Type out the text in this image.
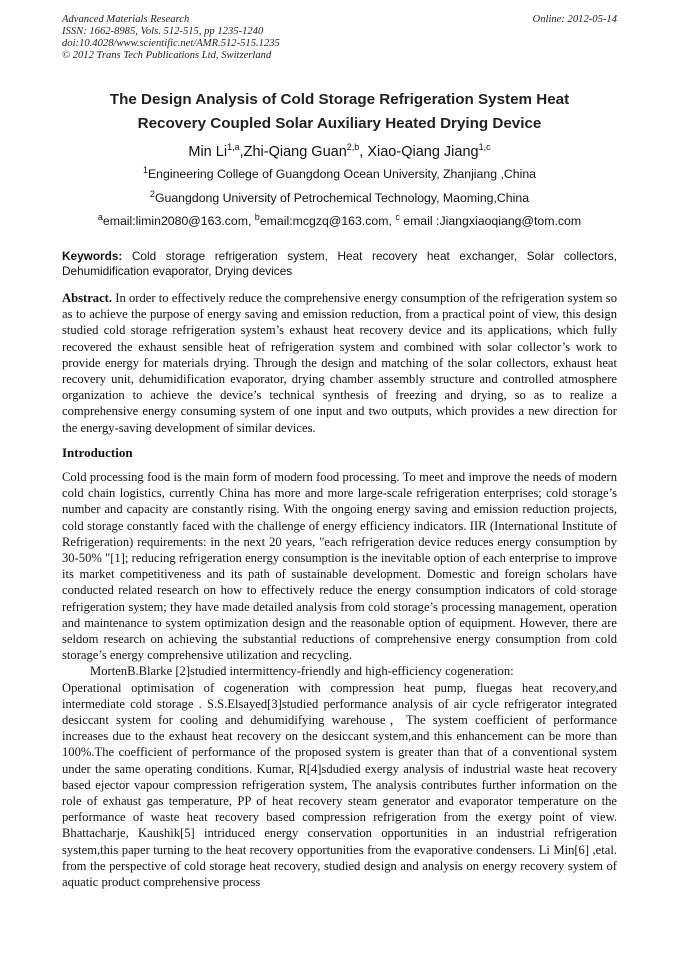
Advanced Materials Research
ISSN: 1662-8985, Vols. 512-515, pp 1235-1240
doi:10.4028/www.scientific.net/AMR.512-515.1235
© 2012 Trans Tech Publications Ltd, Switzerland
Online: 2012-05-14
The Design Analysis of Cold Storage Refrigeration System Heat
Recovery Coupled Solar Auxiliary Heated Drying Device
Min Li$^{1,a}$,Zhi-Qiang Guan$^{2,b}$, Xiao-Qiang Jiang$^{1,c}$
$^1$Engineering College of Guangdong Ocean University, Zhanjiang ,China
$^2$Guangdong University of Petrochemical Technology, Maoming,China
$^a$email:limin2080@163.com, $^b$email:mcgzq@163.com, $^c$ email :Jiangxiaoqiang@tom.com
Keywords: Cold storage refrigeration system, Heat recovery heat exchanger, Solar collectors, Dehumidification evaporator, Drying devices
Abstract. In order to effectively reduce the comprehensive energy consumption of the refrigeration system so as to achieve the purpose of energy saving and emission reduction, from a practical point of view, this design studied cold storage refrigeration system’s exhaust heat recovery device and its applications, which fully recovered the exhaust sensible heat of refrigeration system and combined with solar collector’s work to provide energy for materials drying. Through the design and matching of the solar collectors, exhaust heat recovery unit, dehumidification evaporator, drying chamber assembly structure and controlled atmosphere organization to achieve the device’s technical synthesis of freezing and drying, so as to realize a comprehensive energy consuming system of one input and two outputs, which provides a new direction for the energy-saving development of similar devices.
Introduction
Cold processing food is the main form of modern food processing. To meet and improve the needs of modern cold chain logistics, currently China has more and more large-scale refrigeration enterprises; cold storage’s number and capacity are constantly rising. With the ongoing energy saving and emission reduction projects, cold storage constantly faced with the challenge of energy efficiency indicators. IIR (International Institute of Refrigeration) requirements: in the next 20 years, "each refrigeration device reduces energy consumption by 30-50% "[1]; reducing refrigeration energy consumption is the inevitable option of each enterprise to improve its market competitiveness and its path of sustainable development. Domestic and foreign scholars have conducted related research on how to effectively reduce the energy consumption indicators of cold storage refrigeration system; they have made detailed analysis from cold storage’s processing management, operation and maintenance to system optimization design and the reasonable option of equipment. However, there are seldom research on achieving the substantial reductions of comprehensive energy consumption from cold storage’s energy comprehensive utilization and recycling.
MortenB.Blarke [2]studied intermittency-friendly and high-efficiency cogeneration:
Operational optimisation of cogeneration with compression heat pump, fluegas heat recovery,and intermediate cold storage . S.S.Elsayed[3]studied performance analysis of air cycle refrigerator integrated desiccant system for cooling and dehumidifying warehouse，The system coefficient of performance increases due to the exhaust heat recovery on the desiccant system,and this enhancement can be more than 100%.The coefficient of performance of the proposed system is greater than that of a conventional system under the same operating conditions. Kumar, R[4]sdudied exergy analysis of industrial waste heat recovery based ejector vapour compression refrigeration system, The analysis contributes further information on the role of exhaust gas temperature, PP of heat recovery steam generator and evaporator temperature on the performance of waste heat recovery based compression refrigeration from the exergy point of view. Bhattacharje, Kaushik[5] intriduced energy conservation opportunities in an industrial refrigeration system,this paper turning to the heat recovery opportunities from the evaporative condensers. Li Min[6] ,etal. from the perspective of cold storage heat recovery, studied design and analysis on energy recovery system of aquatic product comprehensive process
